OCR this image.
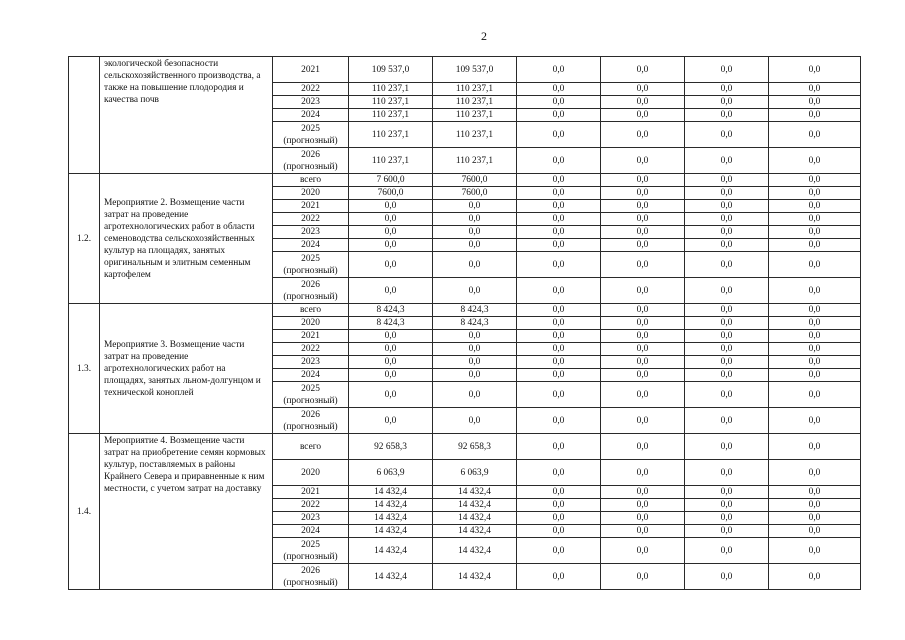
2
	экологической безопасности сельскохозяйственного производства, а также на повышение плодородия и качества почв	2021	109 537,0	109 537,0	0,0	0,0	0,0	0,0

		2022	110 237,1	110 237,1	0,0	0,0	0,0	0,0

		2023	110 237,1	110 237,1	0,0	0,0	0,0	0,0

		2024	110 237,1	110 237,1	0,0	0,0	0,0	0,0

		2025
(прогнозный)	110 237,1	110 237,1	0,0	0,0	0,0	0,0

		2026
(прогнозный)	110 237,1	110 237,1	0,0	0,0	0,0	0,0
1.2.	Мероприятие 2. Возмещение части затрат на проведение агротехнологических работ в области семеноводства сельскохозяйственных культур на площадях, занятых оригинальным и элитным семенным картофелем	всего	7 600,0	7600,0	0,0	0,0	0,0	0,0

		2020	7600,0	7600,0	0,0	0,0	0,0	0,0

		2021	0,0	0,0	0,0	0,0	0,0	0,0

		2022	0,0	0,0	0,0	0,0	0,0	0,0

		2023	0,0	0,0	0,0	0,0	0,0	0,0

		2024	0,0	0,0	0,0	0,0	0,0	0,0

		2025
(прогнозный)	0,0	0,0	0,0	0,0	0,0	0,0

		2026
(прогнозный)	0,0	0,0	0,0	0,0	0,0	0,0
1.3.	Мероприятие 3. Возмещение части затрат на проведение агротехнологических работ на площадях, занятых льном-долгунцом и технической коноплей	всего	8 424,3	8 424,3	0,0	0,0	0,0	0,0

		2020	8 424,3	8 424,3	0,0	0,0	0,0	0,0

		2021	0,0	0,0	0,0	0,0	0,0	0,0

		2022	0,0	0,0	0,0	0,0	0,0	0,0

		2023	0,0	0,0	0,0	0,0	0,0	0,0

		2024	0,0	0,0	0,0	0,0	0,0	0,0

		2025
(прогнозный)	0,0	0,0	0,0	0,0	0,0	0,0

		2026
(прогнозный)	0,0	0,0	0,0	0,0	0,0	0,0
1.4.	Мероприятие 4. Возмещение части затрат на приобретение семян кормовых культур, поставляемых в районы Крайнего Севера и приравненные к ним местности, с учетом затрат на доставку	всего	92 658,3	92 658,3	0,0	0,0	0,0	0,0

		2020	6 063,9	6 063,9	0,0	0,0	0,0	0,0

		2021	14 432,4	14 432,4	0,0	0,0	0,0	0,0

		2022	14 432,4	14 432,4	0,0	0,0	0,0	0,0

		2023	14 432,4	14 432,4	0,0	0,0	0,0	0,0

		2024	14 432,4	14 432,4	0,0	0,0	0,0	0,0

		2025
(прогнозный)	14 432,4	14 432,4	0,0	0,0	0,0	0,0

		2026
(прогнозный)	14 432,4	14 432,4	0,0	0,0	0,0	0,0
